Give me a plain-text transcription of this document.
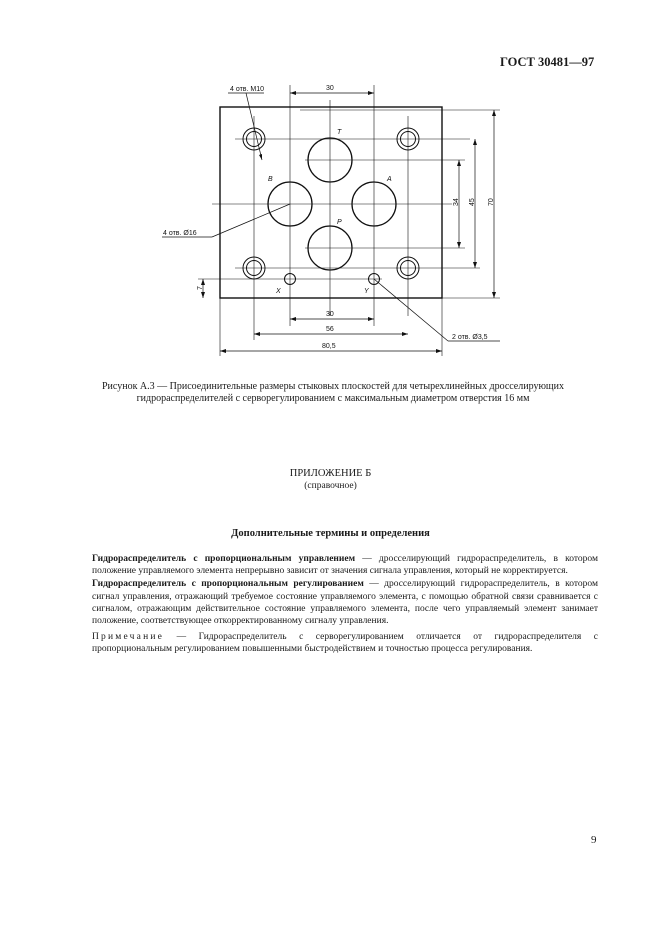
ГОСТ 30481—97
4 отв. М10
4 отв. Ø16
2 отв. Ø3,5
30
30
56
80,5
7
34 45 70
T
B	A
P
X	Y
Рисунок А.3 — Присоединительные размеры стыковых плоскостей для четырехлинейных дросселирующих
гидрораспределителей с серворегулированием с максимальным диаметром отверстия 16 мм
ПРИЛОЖЕНИЕ Б
(справочное)
Дополнительные термины и определения

Гидрораспределитель с пропорциональным управлением — дросселирующий гидрораспределитель, в котором положение управляемого элемента непрерывно зависит от значения сигнала управления, который не корректируется.

Гидрораспределитель с пропорциональным регулированием — дросселирующий гидрораспределитель, в котором сигнал управления, отражающий требуемое состояние управляемого элемента, с помощью обратной связи сравнивается с сигналом, отражающим действительное состояние управляемого элемента, после чего управляемый элемент занимает положение, соответствующее откорректированному сигналу управления.

Примечание — Гидрораспределитель с серворегулированием отличается от гидрораспределителя с пропорциональным регулированием повышенными быстродействием и точностью процесса регулирования.

9
